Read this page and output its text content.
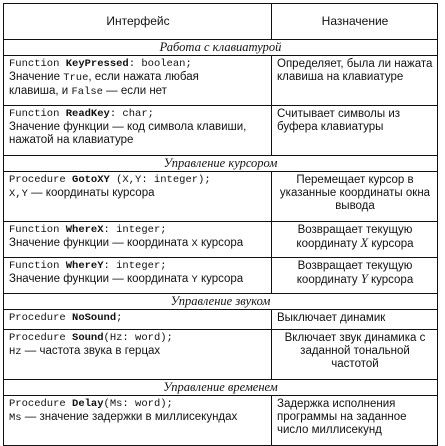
Интерфейс	Назначение
Работа с клавиатурой	

Function KeyPressed: boolean;
Значение True, если нажата любая
клавиша, и False — если нет	Определяет, была ли нажата клавиша на клавиатуре

Function ReadKey: char;
Значение функции — код символа клавиши, нажатой на клавиатуре	Считывает символы из буфера клавиатуры
Управление курсором	

Procedure GotoXY (X,Y: integer);
X,Y — координаты курсора	Перемещает курсор в указанные координаты окна вывода

Function WhereX: integer;
Значение функции — координата X курсора	Возвращает текущую координату X курсора

Function WhereY: integer;
Значение функции — координата Y курсора	Возвращает текущую координату Y курсора
Управление звуком	

Procedure NoSound;	Выключает динамик

Procedure Sound(Hz: word);
Hz — частота звука в герцах	Включает звук динамика с заданной тональной частотой
Управление временем	

Procedure Delay(Ms: word);
Ms — значение задержки в миллисекундах	Задержка исполнения программы на заданное число миллисекунд
